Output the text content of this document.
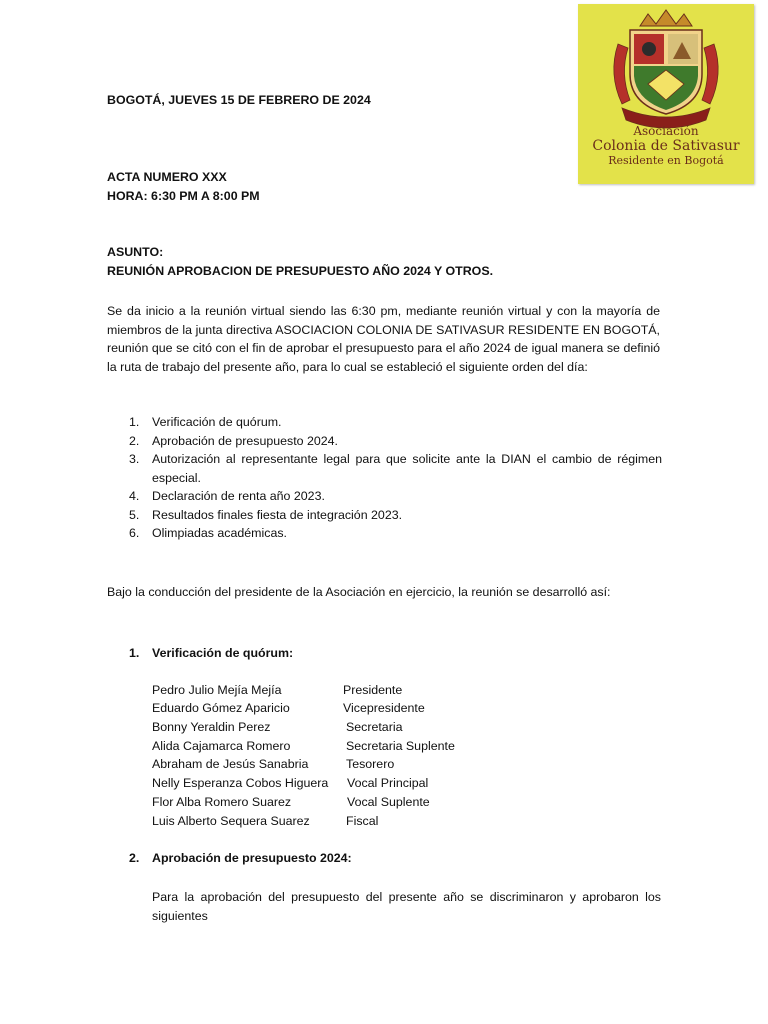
Asociación
Colonia de Sativasur
Residente en Bogotá
BOGOTÁ, JUEVES 15 DE FEBRERO DE 2024
ACTA NUMERO XXX
HORA: 6:30 PM A 8:00 PM
ASUNTO:
REUNIÓN APROBACION DE PRESUPUESTO AÑO 2024 Y OTROS.
Se da inicio a la reunión virtual siendo las 6:30 pm, mediante reunión virtual y con la mayoría de miembros de la junta directiva ASOCIACION COLONIA DE SATIVASUR RESIDENTE EN BOGOTÁ, reunión que se citó con el fin de aprobar el presupuesto para el año 2024 de igual manera se definió la ruta de trabajo del presente año, para lo cual se estableció el siguiente orden del día:
1. Verificación de quórum.
2. Aprobación de presupuesto 2024.
3. Autorización al representante legal para que solicite ante la DIAN el cambio de régimen especial.
4. Declaración de renta año 2023.
5. Resultados finales fiesta de integración 2023.
6. Olimpiadas académicas.
Bajo la conducción del presidente de la Asociación en ejercicio, la reunión se desarrolló así:
1. Verificación de quórum:
Pedro Julio Mejía Mejía	Presidente
Eduardo Gómez Aparicio	Vicepresidente
Bonny Yeraldin Perez	Secretaria
Alida Cajamarca Romero	Secretaria Suplente
Abraham de Jesús Sanabria	Tesorero
Nelly Esperanza Cobos Higuera Vocal Principal
Flor Alba Romero Suarez	Vocal Suplente
Luis Alberto Sequera Suarez	Fiscal
2. Aprobación de presupuesto 2024:
Para la aprobación del presupuesto del presente año se discriminaron y aprobaron los siguientes
